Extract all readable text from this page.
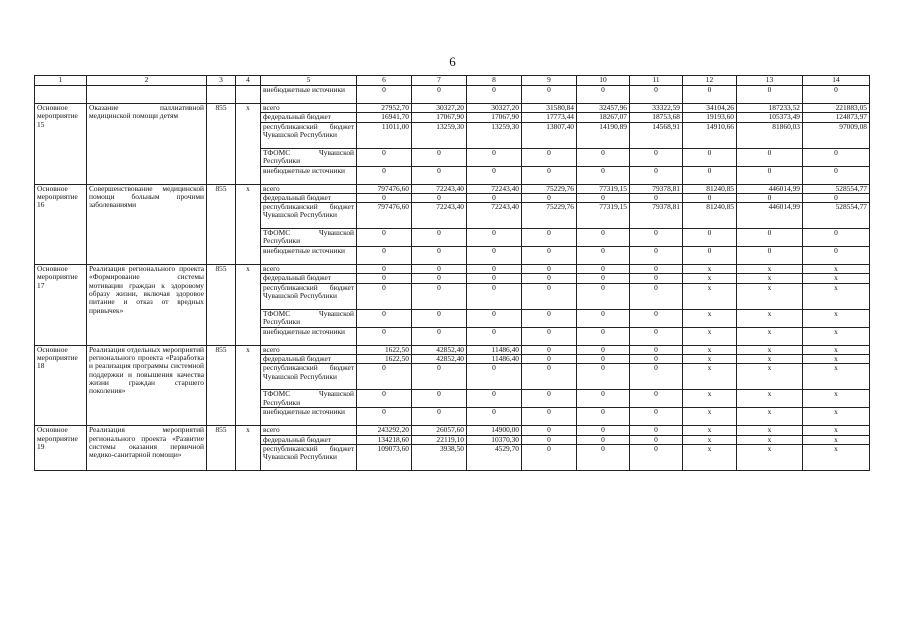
6
1	2	3	4	5	6	7	8	9	10	11	12	13	14
				внебюджетные источники	0	0	0	0	0	0	0	0	0
Основное мероприятие 15	Оказание паллиативной медицинской помощи детям	855	x	всего	27952,70	30327,20	30327,20	31580,84	32457,96	33322,59	34104,26	187233,52	221883,05
				федеральный бюджет	16941,70	17067,90	17067,90	17773,44	18267,07	18753,68	19193,60	105373,49	124873,97
				республиканский бюджет Чувашской Республики	11011,00	13259,30	13259,30	13807,40	14190,89	14568,91	14910,66	81860,03	97009,08
				ТФОМС Чувашской Республики	0	0	0	0	0	0	0	0	0
				внебюджетные источники	0	0	0	0	0	0	0	0	0
Основное мероприятие 16	Совершенствование медицинской помощи больным прочими заболеваниями	855	x	всего	797476,60	72243,40	72243,40	75229,76	77319,15	79378,81	81240,85	446014,99	528554,77
				федеральный бюджет	0	0	0	0	0	0	0	0	0
				республиканский бюджет Чувашской Республики	797476,60	72243,40	72243,40	75229,76	77319,15	79378,81	81240,85	446014,99	528554,77
				ТФОМС Чувашской Республики	0	0	0	0	0	0	0	0	0
				внебюджетные источники	0	0	0	0	0	0	0	0	0
Основное мероприятие 17	Реализация регионального проекта «Формирование системы мотивации граждан к здоровому образу жизни, включая здоровое питание и отказ от вредных привычек»	855	x	всего	0	0	0	0	0	0	x	x	x
				федеральный бюджет	0	0	0	0	0	0	x	x	x
				республиканский бюджет Чувашской Республики	0	0	0	0	0	0	x	x	x
				ТФОМС Чувашской Республики	0	0	0	0	0	0	x	x	x
				внебюджетные источники	0	0	0	0	0	0	x	x	x
Основное мероприятие 18	Реализация отдельных мероприятий регионального проекта «Разработка и реализация программы системной поддержки и повышения качества жизни граждан старшего поколения»	855	x	всего	1622,50	42852,40	11486,40	0	0	0	x	x	x
				федеральный бюджет	1622,50	42852,40	11486,40	0	0	0	x	x	x
				республиканский бюджет Чувашской Республики	0	0	0	0	0	0	x	x	x
				ТФОМС Чувашской Республики	0	0	0	0	0	0	x	x	x
				внебюджетные источники	0	0	0	0	0	0	x	x	x
Основное мероприятие 19	Реализация мероприятий регионального проекта «Развитие системы оказания первичной медико-санитарной помощи»	855	x	всего	243292,20	26057,60	14900,00	0	0	0	x	x	x
				федеральный бюджет	134218,60	22119,10	10370,30	0	0	0	x	x	x
				республиканский бюджет Чувашской Республики	109073,60	3938,50	4529,70	0	0	0	x	x	x
